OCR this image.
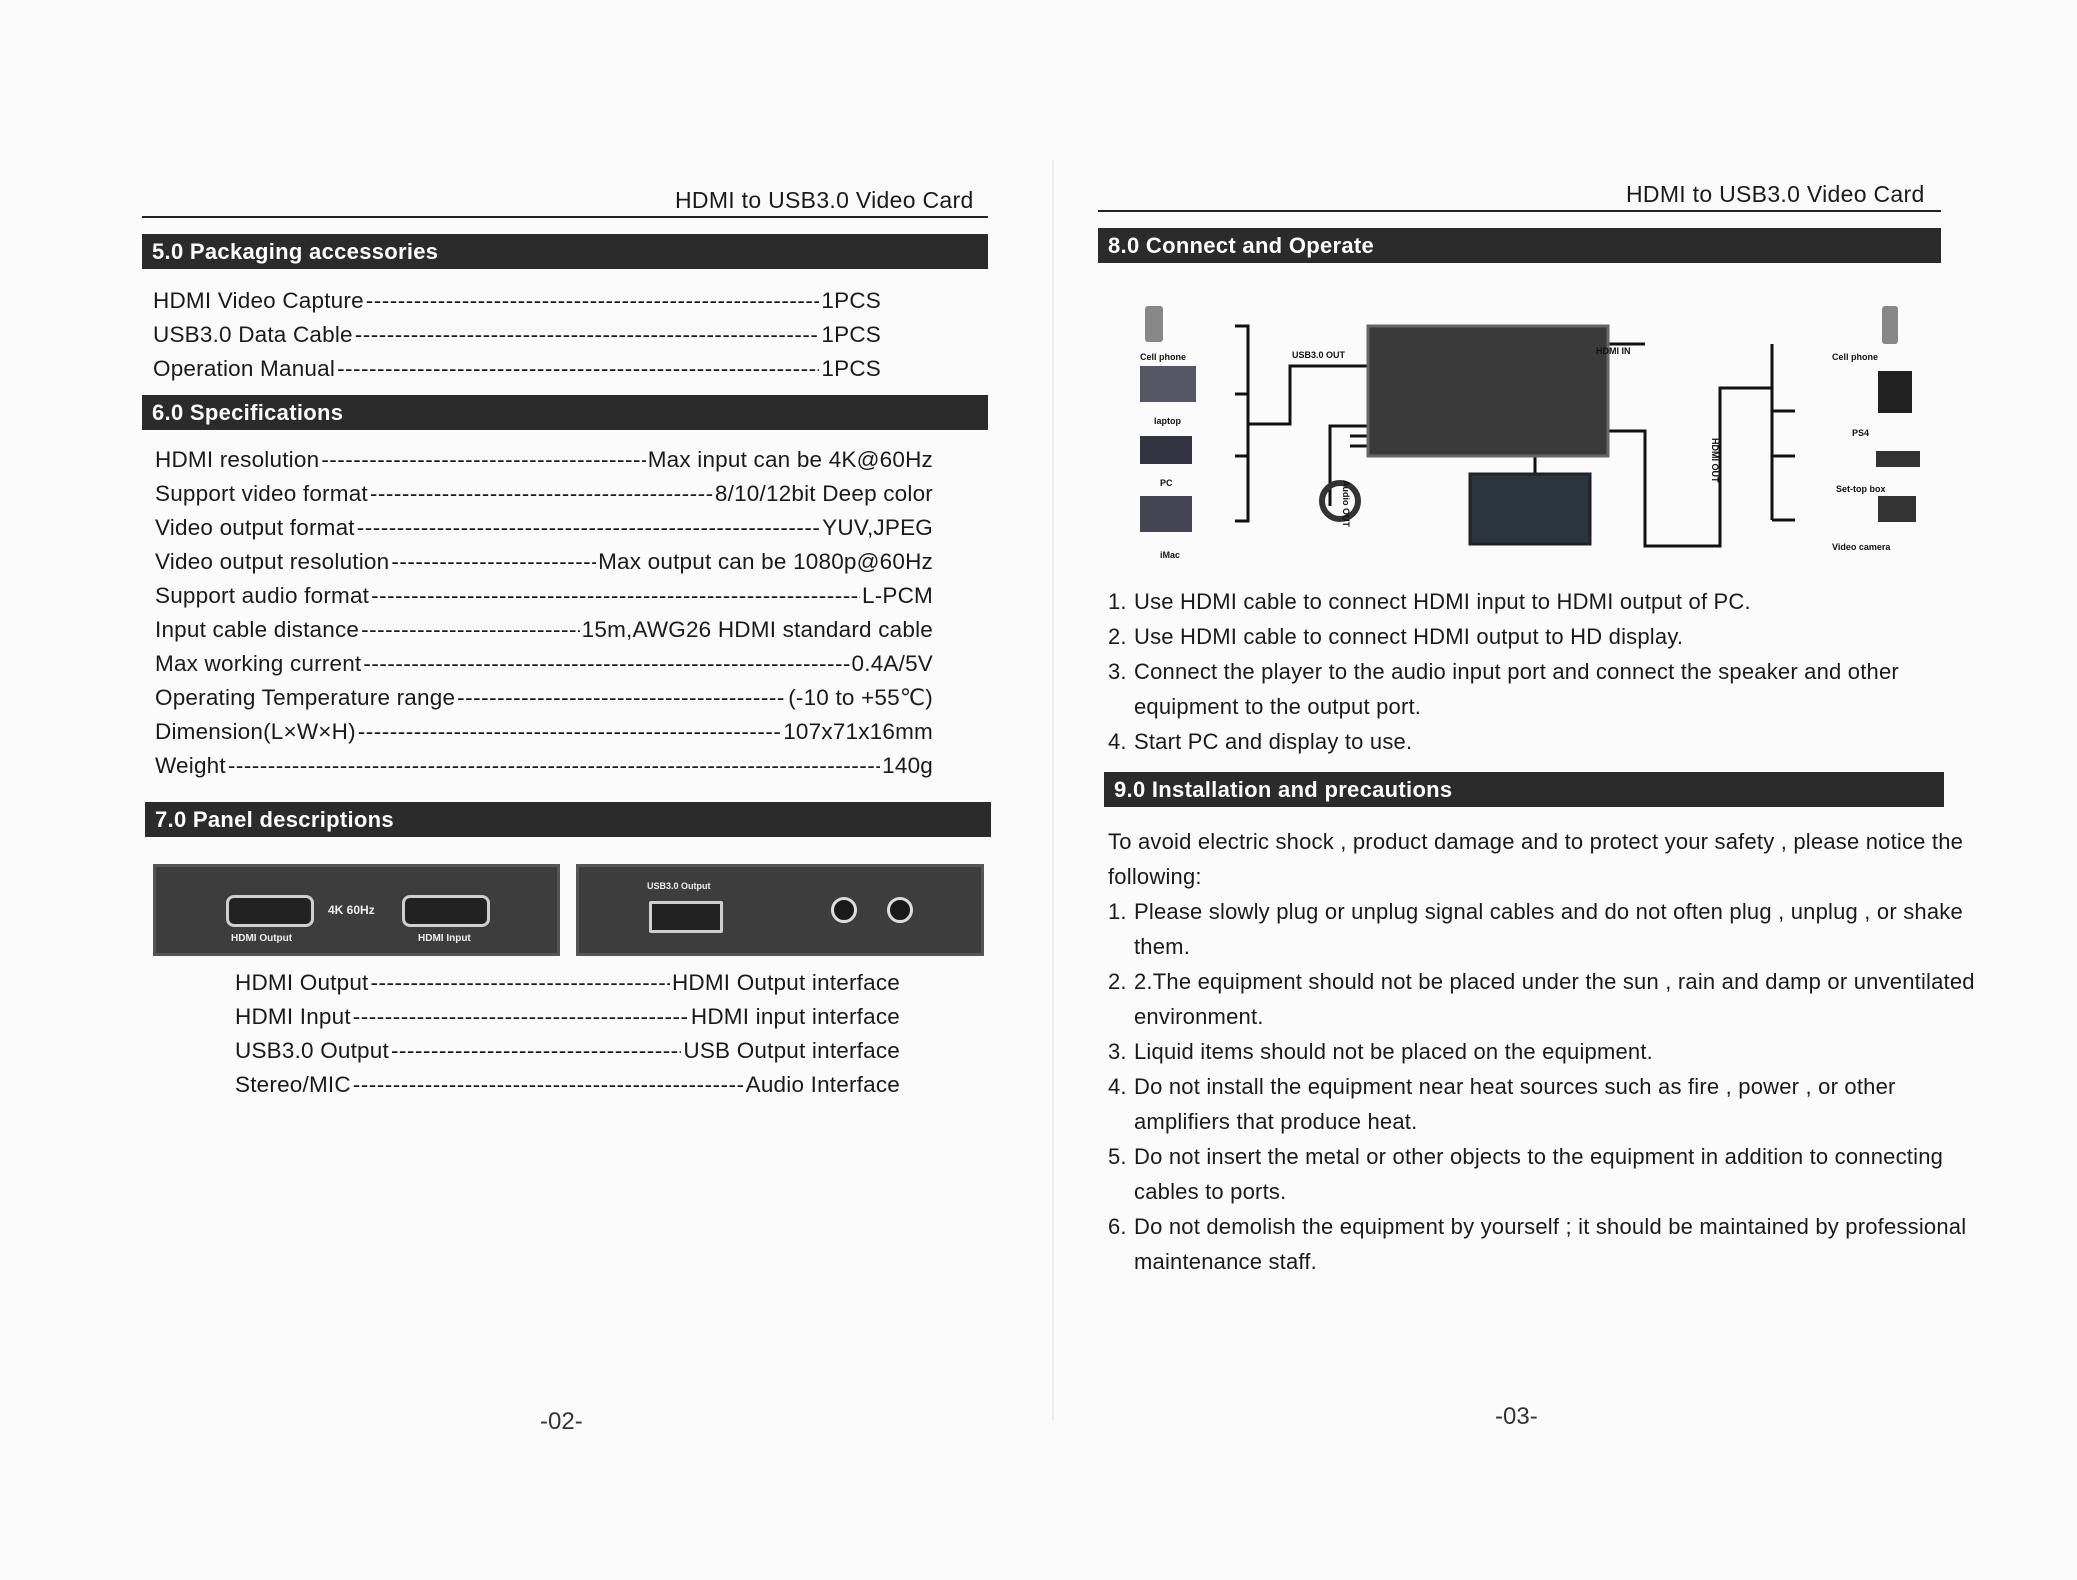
HDMI to USB3.0 Video Card
5.0 Packaging accessories
HDMI Video Capture -----	1PCS
USB3.0 Data Cable -----	1PCS
Operation Manual -----	1PCS
6.0 Specifications
HDMI resolution -----	Max input can be 4K@60Hz
Support video format -----	8/10/12bit Deep color
Video output format -----	YUV,JPEG
Video output resolution -----	Max output can be 1080p@60Hz
Support audio format -----	L-PCM
Input cable distance -----	15m,AWG26 HDMI standard cable
Max working current -----	0.4A/5V
Operating Temperature range -----	(-10 to +55℃)
Dimension(L×W×H) -----	107x71x16mm
Weight -----	140g
7.0 Panel descriptions
4K 60Hz
HDMI Output	HDMI Input
USB3.0 Output
HDMI Output -----	HDMI Output interface
HDMI Input -----	HDMI input interface
USB3.0 Output -----	USB Output interface
Stereo/MIC -----	Audio Interface
-02-
HDMI to USB3.0 Video Card
8.0 Connect and Operate
Cell phone
laptop
PC
iMac
USB3.0 OUT
Audio OUT
HDMI IN
HDMI OUT
Cell phone
PS4
Set-top box
Video camera
1. Use HDMI cable to connect HDMI input to HDMI output of PC.
2. Use HDMI cable to connect HDMI output to HD display.
3. Connect the player to the audio input port and connect the speaker and other equipment to the output port.
4. Start PC and display to use.
9.0 Installation and precautions
To avoid electric shock , product damage and to protect your safety , please notice the following:
1. Please slowly plug or unplug signal cables and do not often plug , unplug , or shake them.
2. 2.The equipment should not be placed under the sun , rain and damp or unventilated environment.
3. Liquid items should not be placed on the equipment.
4. Do not install the equipment near heat sources such as fire , power , or other amplifiers that produce heat.
5. Do not insert the metal or other objects to the equipment in addition to connecting cables to ports.
6. Do not demolish the equipment by yourself ; it should be maintained by professional maintenance staff.
-03-
